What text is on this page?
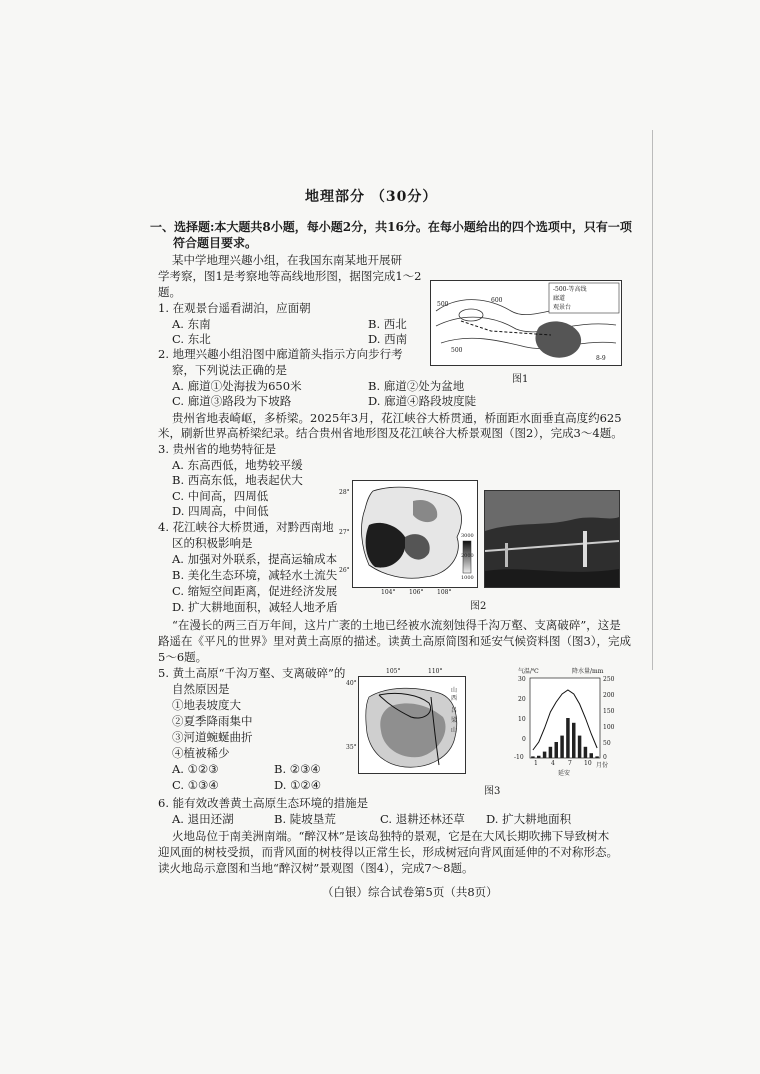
地理部分 （30分）
一、选择题:本大题共8小题，每小题2分，共16分。在每小题给出的四个选项中，只有一项
符合题目要求。
某中学地理兴趣小组，在我国东南某地开展研
学考察，图1是考察地等高线地形图，据图完成1～2
题。
1. 在观景台遥看湖泊，应面朝
A. 东南	B. 西北
C. 东北	D. 西南
2. 地理兴趣小组沿图中廊道箭头指示方向步行考
察，下列说法正确的是
A. 廊道①处海拔为650米	B. 廊道②处为盆地
C. 廊道③路段为下坡路	D. 廊道④路段坡度陡
-500-等高线
廊道
观景台
500
600
500
8-9
图1
贵州省地表崎岖，多桥梁。2025年3月，花江峡谷大桥贯通，桥面距水面垂直高度约625
米，刷新世界高桥梁纪录。结合贵州省地形图及花江峡谷大桥景观图（图2），完成3～4题。
3. 贵州省的地势特征是
A. 东高西低，地势较平缓
B. 西高东低，地表起伏大
C. 中间高，四周低
D. 四周高，中间低
4. 花江峡谷大桥贯通，对黔西南地
区的积极影响是
A. 加强对外联系，提高运输成本
B. 美化生态环境，减轻水土流失
C. 缩短空间距离，促进经济发展
D. 扩大耕地面积，减轻人地矛盾
28°
27°
26°
104° 106° 108°
3000
2000
1000
图2
“在漫长的两三百万年间，这片广袤的土地已经被水流刻蚀得千沟万壑、支离破碎”，这是
路遥在《平凡的世界》里对黄土高原的描述。读黄土高原简图和延安气候资料图（图3），完成
5～6题。
5. 黄土高原“千沟万壑、支离破碎”的
自然原因是
①地表坡度大
②夏季降雨集中
③河道蜿蜒曲折
④植被稀少
A. ①②③	B. ②③④
C. ①③④	D. ①②④
山
西
吕
梁
山
40°
35°
105°	110°	气温/℃	降水量/mm
30
20
10
0
-10
250
200
150
100
50
0
1 4 7 10 月份
延安
图3
6. 能有效改善黄土高原生态环境的措施是
A. 退田还湖	B. 陡坡垦荒	C. 退耕还林还草 D. 扩大耕地面积
火地岛位于南美洲南端。“醉汉林”是该岛独特的景观，它是在大风长期吹拂下导致树木
迎风面的树枝受损，而背风面的树枝得以正常生长，形成树冠向背风面延伸的不对称形态。
读火地岛示意图和当地“醉汉树”景观图（图4），完成7～8题。
（白银）综合试卷第5页（共8页）
